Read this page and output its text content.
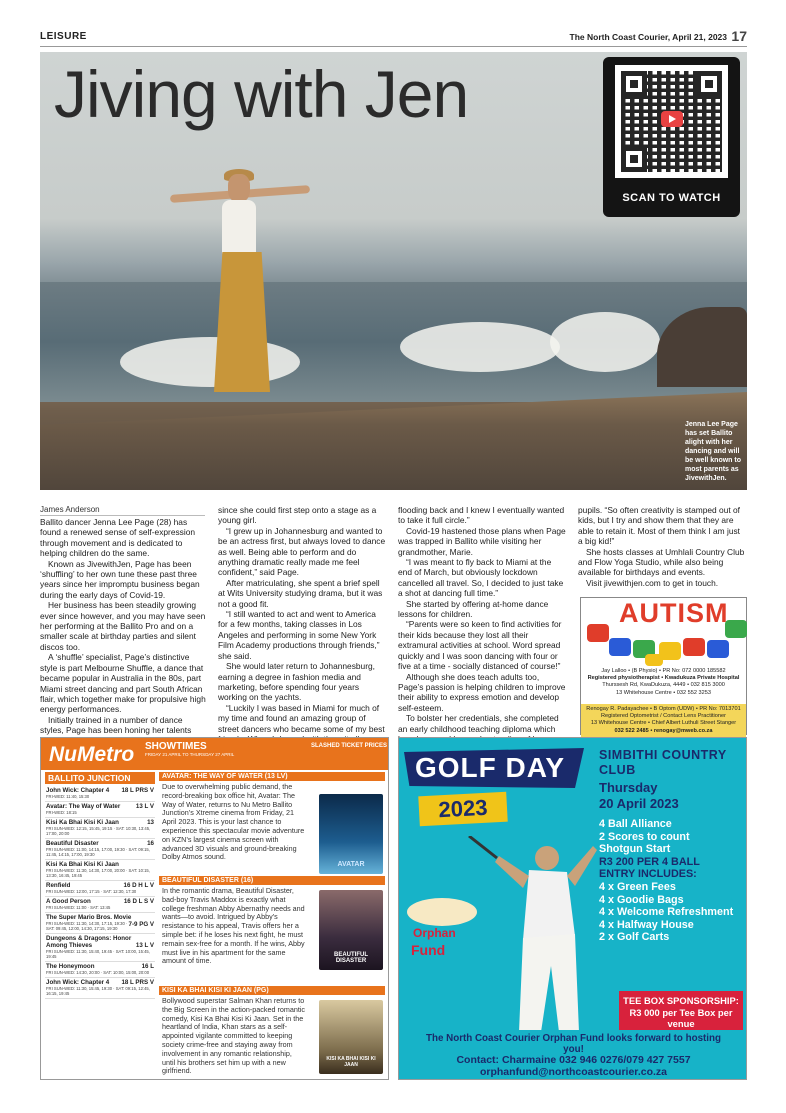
LEISURE	The North Coast Courier, April 21, 2023 17
Jiving with Jen
SCAN TO WATCH
Jenna Lee Page has set Ballito alight with her dancing and will be well known to most parents as JivewithJen.
James Anderson

Ballito dancer Jenna Lee Page (28) has found a renewed sense of self-expression through movement and is dedicated to helping children do the same.

Known as JivewithJen, Page has been ‘shuffling’ to her own tune these past three years since her impromptu business began during the early days of Covid-19.

Her business has been steadily growing ever since however, and you may have seen her performing at the Ballito Pro and on a smaller scale at birthday parties and silent discos too.

A ‘shuffle’ specialist, Page’s distinctive style is part Melbourne Shuffle, a dance that became popular in Australia in the 80s, part Miami street dancing and part South African flair, which together make for propulsive high energy performances.

Initially trained in a number of dance styles, Page has been honing her talents

since she could first step onto a stage as a young girl.

“I grew up in Johannesburg and wanted to be an actress first, but always loved to dance as well. Being able to perform and do anything dramatic really made me feel confident,” said Page.

After matriculating, she spent a brief spell at Wits University studying drama, but it was not a good fit.

“I still wanted to act and went to America for a few months, taking classes in Los Angeles and performing in some New York Film Academy productions through friends,” she said.

She would later return to Johannesburg, earning a degree in fashion media and marketing, before spending four years working on the yachts.

“Luckily I was based in Miami for much of my time and found an amazing group of street dancers who became some of my best

flooding back and I knew I eventually wanted to take it full circle.”

Covid-19 hastened those plans when Page was trapped in Ballito while visiting her grandmother, Marie.

“I was meant to fly back to Miami at the end of March, but obviously lockdown cancelled all travel. So, I decided to just take a shot at dancing full time.”

She started by offering at-home dance lessons for children.

“Parents were so keen to find activities for their kids because they lost all their extramural activities at school. Word spread quickly and I was soon dancing with four or five at a time - socially distanced of course!”

Although she does teach adults too, Page’s passion is helping children to improve their ability to express emotion and develop self-esteem.

To bolster her credentials, she completed an early childhood teaching diploma which

pupils. “So often creativity is stamped out of kids, but I try and show them that they are able to retain it. Most of them think I am just a big kid!”

She hosts classes at Umhlali Country Club and Flow Yoga Studio, while also being available for birthdays and events.

Visit jivewithjen.com to get in touch.

AUTISM
Jay Lalloo • (B Physio) • PR No: 072 0000 185582
Registered physiotherapist • Kwadukuza Private Hospital
Thurssesh Rd, KwaDukuza, 4449 • 032 815 3000
13 Whitehouse Centre • 032 552 3253
Renogay R. Padayachee • B Optom (UDW) • PR No: 7013701
Registered Optometrist / Contact Lens Practitioner
13 Whitehouse Centre • Chief Albert Luthuli Street Stanger
032 522 2485 • renogay@mweb.co.za
NuMetro SHOWTIMES
FRIDAY 21 APRIL TO THURSDAY 27 APRIL
SLASHED TICKET PRICES
BALLITO JUNCTION
John Wick: Chapter 4 18 L PRS V
FRI-WED: 11:40, 15:30
Avatar: The Way of Water	13 L V
FRI-WED: 18:15
Kisi Ka Bhai Kisi Ki Jaan	13
FRI SUN-WED: 12:15, 15:45, 19:15 · SAT: 10:30, 13:45, 17:00, 20:00
Beautiful Disaster	16
FRI SUN-WED: 11:00, 14:15, 17:00, 19:30 · SAT: 09:15, 11:45, 14:15, 17:00, 19:30
Kisi Ka Bhai Kisi Ki Jaan
FRI SUN-WED: 11:30, 14:30, 17:00, 20:00 · SAT: 10:15, 13:30, 16:45, 19:45
Renfield	16 D H L V
FRI SUN-WED: 12:00, 17:15 · SAT: 12:30, 17:30
A Good Person	16 D L S V
FRI SUN-WED: 11:00 · SAT: 13:45
The Super Mario Bros. Movie
7-9 PG V
FRI SUN-WED: 11:30, 14:30, 17:15, 19:30 · SAT: 09:45, 12:00, 14:30, 17:15, 19:30
Dungeons & Dragons: Honor Among Thieves	13 L V
FRI SUN-WED: 11:30, 15:40, 19:45 · SAT: 10:00, 15:45, 19:45
The Honeymoon	16 L
FRI SUN-WED: 14:30, 20:00 · SAT: 10:00, 15:00, 20:00
John Wick: Chapter 4 18 L PRS V
FRI SUN-WED: 11:30, 15:45, 19:30 · SAT: 09:15, 12:45, 16:15, 19:45
AVATAR: THE WAY OF WATER (13 LV)
Due to overwhelming public demand, the record-breaking box office hit, Avatar: The Way of Water, returns to Nu Metro Ballito Junction’s Xtreme cinema from Friday, 21 April 2023. This is your last chance to experience this spectacular movie adventure on KZN’s largest cinema screen with advanced 3D visuals and ground-breaking Dolby Atmos sound.
AVATAR
BEAUTIFUL DISASTER (16)
In the romantic drama, Beautiful Disaster, bad-boy Travis Maddox is exactly what college freshman Abby Abernathy needs and wants—to avoid. Intrigued by Abby’s resistance to his appeal, Travis offers her a simple bet: if he loses his next fight, he must remain sex-free for a month. If he wins, Abby must live in his apartment for the same amount of time.
BEAUTIFUL DISASTER
KISI KA BHAI KISI KI JAAN (PG)
Bollywood superstar Salman Khan returns to the Big Screen in the action-packed romantic comedy, Kisi Ka Bhai Kisi Ki Jaan. Set in the heartland of India, Khan stars as a self-appointed vigilante committed to keeping society crime-free and staying away from involvement in any romantic relationship, until his brothers set him up with a new girlfriend.
KISI KA BHAI KISI KI JAAN
GOLF DAY
2023
Orphan
Fund
SIMBITHI COUNTRY CLUB
Thursday
20 April 2023
4 Ball Alliance
2 Scores to count
Shotgun Start
R3 200 PER 4 BALL
ENTRY INCLUDES:
4 x Green Fees
4 x Goodie Bags
4 x Welcome Refreshment
4 x Halfway House
2 x Golf Carts
TEE BOX SPONSORSHIP: R3 000 per Tee Box per venue
The North Coast Courier Orphan Fund looks forward to hosting you!
Contact: Charmaine 032 946 0276/079 427 7557
orphanfund@northcoastcourier.co.za
